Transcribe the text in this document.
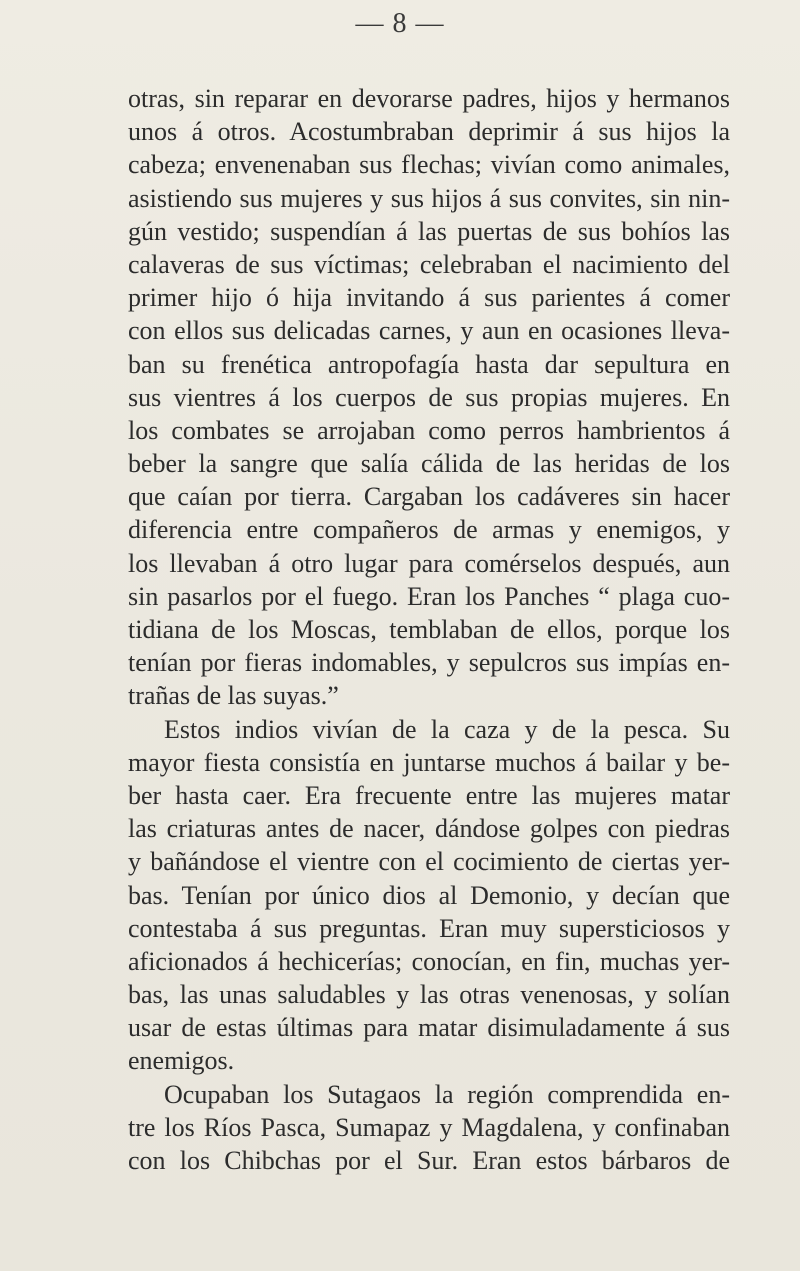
— 8 —
otras, sin reparar en devorarse padres, hijos y hermanos
unos á otros. Acostumbraban deprimir á sus hijos la
cabeza; envenenaban sus flechas; vivían como animales,
asistiendo sus mujeres y sus hijos á sus convites, sin nin-
gún vestido; suspendían á las puertas de sus bohíos las
calaveras de sus víctimas; celebraban el nacimiento del
primer hijo ó hija invitando á sus parientes á comer
con ellos sus delicadas carnes, y aun en ocasiones lleva-
ban su frenética antropofagía hasta dar sepultura en
sus vientres á los cuerpos de sus propias mujeres. En
los combates se arrojaban como perros hambrientos á
beber la sangre que salía cálida de las heridas de los
que caían por tierra. Cargaban los cadáveres sin hacer
diferencia entre compañeros de armas y enemigos, y
los llevaban á otro lugar para comérselos después, aun
sin pasarlos por el fuego. Eran los Panches “ plaga cuo-
tidiana de los Moscas, temblaban de ellos, porque los
tenían por fieras indomables, y sepulcros sus impías en-
trañas de las suyas.”
Estos indios vivían de la caza y de la pesca. Su
mayor fiesta consistía en juntarse muchos á bailar y be-
ber hasta caer. Era frecuente entre las mujeres matar
las criaturas antes de nacer, dándose golpes con piedras
y bañándose el vientre con el cocimiento de ciertas yer-
bas. Tenían por único dios al Demonio, y decían que
contestaba á sus preguntas. Eran muy supersticiosos y
aficionados á hechicerías; conocían, en fin, muchas yer-
bas, las unas saludables y las otras venenosas, y solían
usar de estas últimas para matar disimuladamente á sus
enemigos.
Ocupaban los Sutagaos la región comprendida en-
tre los Ríos Pasca, Sumapaz y Magdalena, y confinaban
con los Chibchas por el Sur. Eran estos bárbaros de
